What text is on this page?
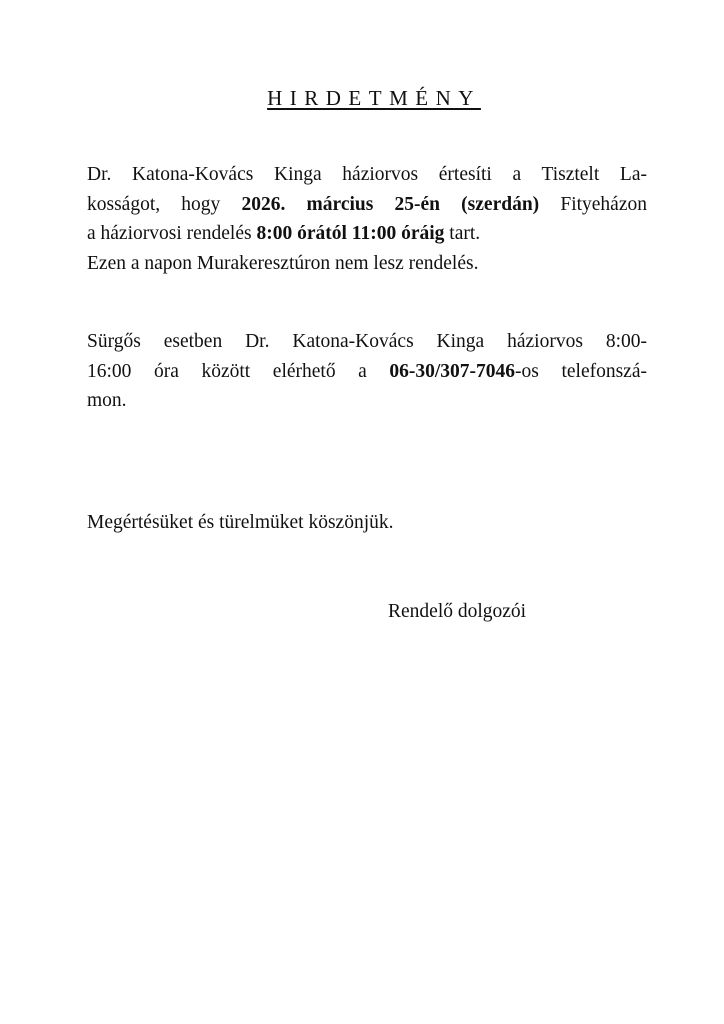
HIRDETMÉNY
Dr. Katona-Kovács Kinga háziorvos értesíti a Tisztelt La-
kosságot, hogy 2026. március 25-én (szerdán) Fityeházon
a háziorvosi rendelés 8:00 órától 11:00 óráig tart.
Ezen a napon Murakeresztúron nem lesz rendelés.
Sürgős esetben Dr. Katona-Kovács Kinga háziorvos 8:00-
16:00 óra között elérhető a 06-30/307-7046-os telefonszá-
mon.
Megértésüket és türelmüket köszönjük.
Rendelő dolgozói
